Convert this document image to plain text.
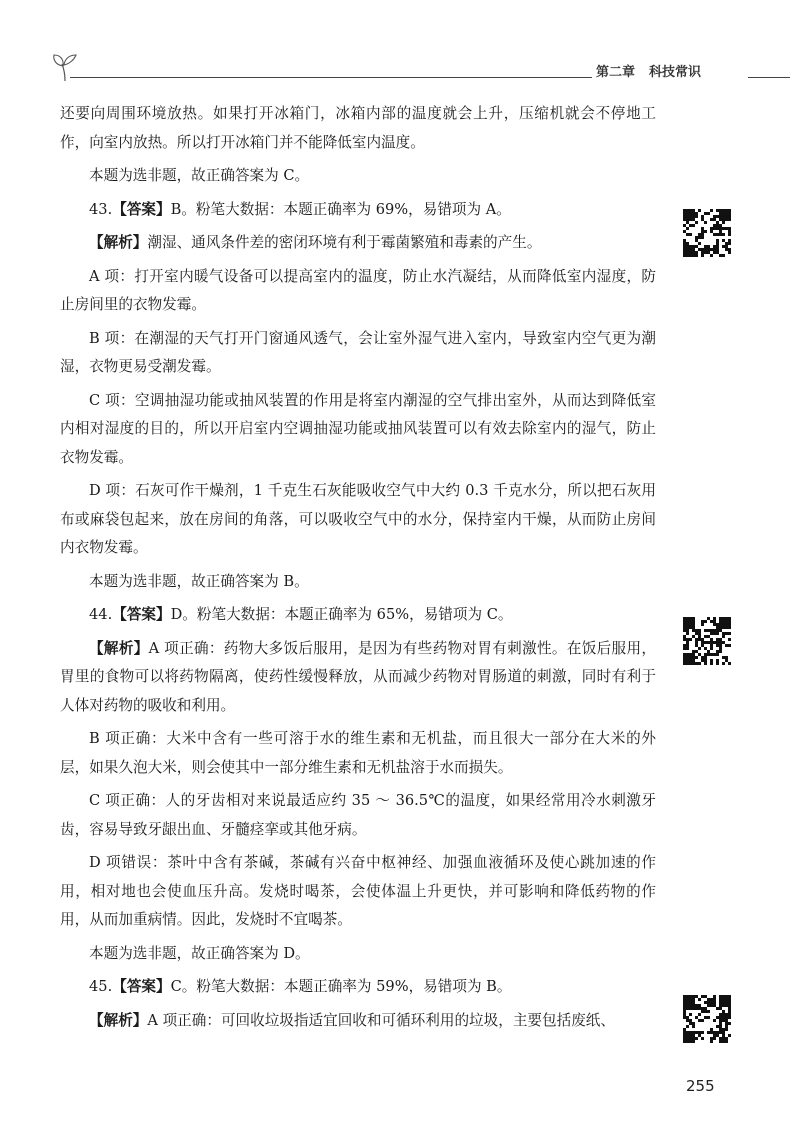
第二章 科技常识

还要向周围环境放热。如果打开冰箱门，冰箱内部的温度就会上升，压缩机就会不停地工作，向室内放热。所以打开冰箱门并不能降低室内温度。

本题为选非题，故正确答案为 C。

43.【答案】B。粉笔大数据：本题正确率为 69%，易错项为 A。

【解析】潮湿、通风条件差的密闭环境有利于霉菌繁殖和毒素的产生。

A 项：打开室内暖气设备可以提高室内的温度，防止水汽凝结，从而降低室内湿度，防止房间里的衣物发霉。

B 项：在潮湿的天气打开门窗通风透气，会让室外湿气进入室内，导致室内空气更为潮湿，衣物更易受潮发霉。

C 项：空调抽湿功能或抽风装置的作用是将室内潮湿的空气排出室外，从而达到降低室内相对湿度的目的，所以开启室内空调抽湿功能或抽风装置可以有效去除室内的湿气，防止衣物发霉。

D 项：石灰可作干燥剂，1 千克生石灰能吸收空气中大约 0.3 千克水分，所以把石灰用布或麻袋包起来，放在房间的角落，可以吸收空气中的水分，保持室内干燥，从而防止房间内衣物发霉。

本题为选非题，故正确答案为 B。

44.【答案】D。粉笔大数据：本题正确率为 65%，易错项为 C。

【解析】A 项正确：药物大多饭后服用，是因为有些药物对胃有刺激性。在饭后服用，胃里的食物可以将药物隔离，使药性缓慢释放，从而减少药物对胃肠道的刺激，同时有利于人体对药物的吸收和利用。

B 项正确：大米中含有一些可溶于水的维生素和无机盐，而且很大一部分在大米的外层，如果久泡大米，则会使其中一部分维生素和无机盐溶于水而损失。

C 项正确：人的牙齿相对来说最适应约 35 ～ 36.5℃的温度，如果经常用冷水刺激牙齿，容易导致牙龈出血、牙髓痉挛或其他牙病。

D 项错误：茶叶中含有茶碱，茶碱有兴奋中枢神经、加强血液循环及使心跳加速的作用，相对地也会使血压升高。发烧时喝茶，会使体温上升更快，并可影响和降低药物的作用，从而加重病情。因此，发烧时不宜喝茶。

本题为选非题，故正确答案为 D。

45.【答案】C。粉笔大数据：本题正确率为 59%，易错项为 B。

【解析】A 项正确：可回收垃圾指适宜回收和可循环利用的垃圾，主要包括废纸、

255
